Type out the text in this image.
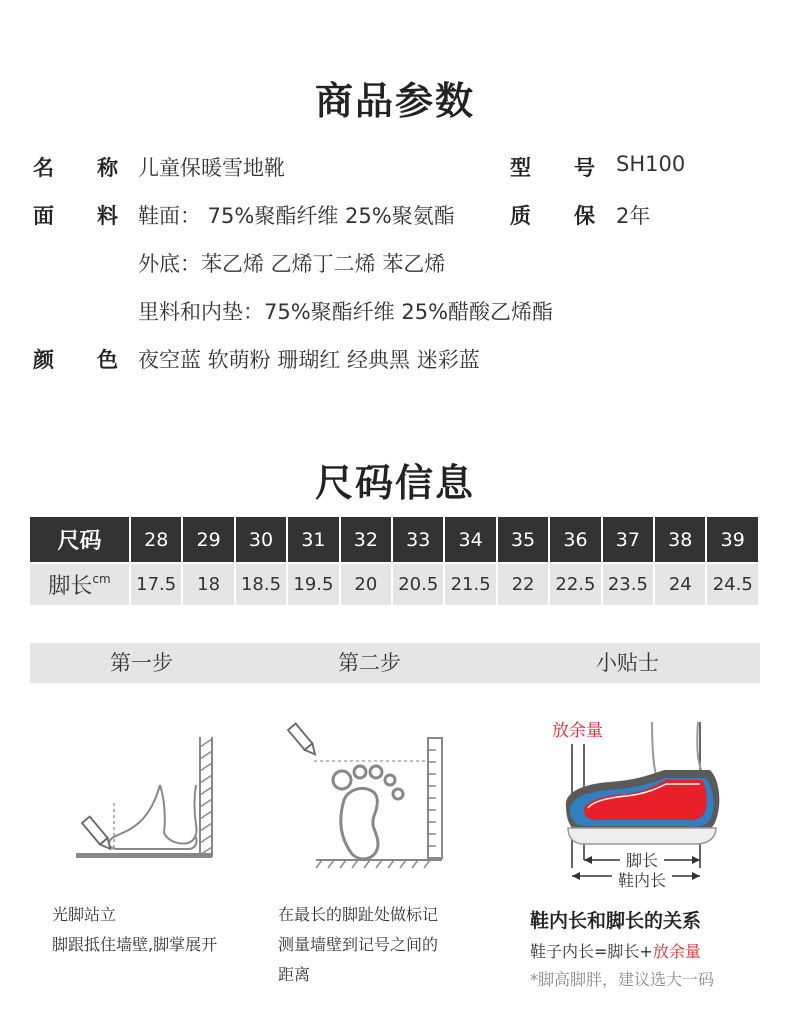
商品参数
名 称 儿童保暖雪地靴	型 号 SH100
面 料 鞋面： 75%聚酯纤维 25%聚氨酯	质 保 2年
外底：苯乙烯 乙烯丁二烯 苯乙烯
里料和内垫：75%聚酯纤维 25%醋酸乙烯酯
颜 色 夜空蓝 软萌粉 珊瑚红 经典黑 迷彩蓝
尺码信息
尺码	28	29	30	31	32	33	34	35	36	37	38	39
脚长$^{cm}$	17.5	18	18.5	19.5	20	20.5	21.5	22	22.5	23.5	24	24.5
第一步	第二步	小贴士
放余量
脚长
鞋内长
光脚站立
脚跟抵住墙壁,脚掌展开
在最长的脚趾处做标记
测量墙壁到记号之间的
距离
鞋内长和脚长的关系
鞋子内长=脚长+放余量
*脚高脚胖，建议选大一码
